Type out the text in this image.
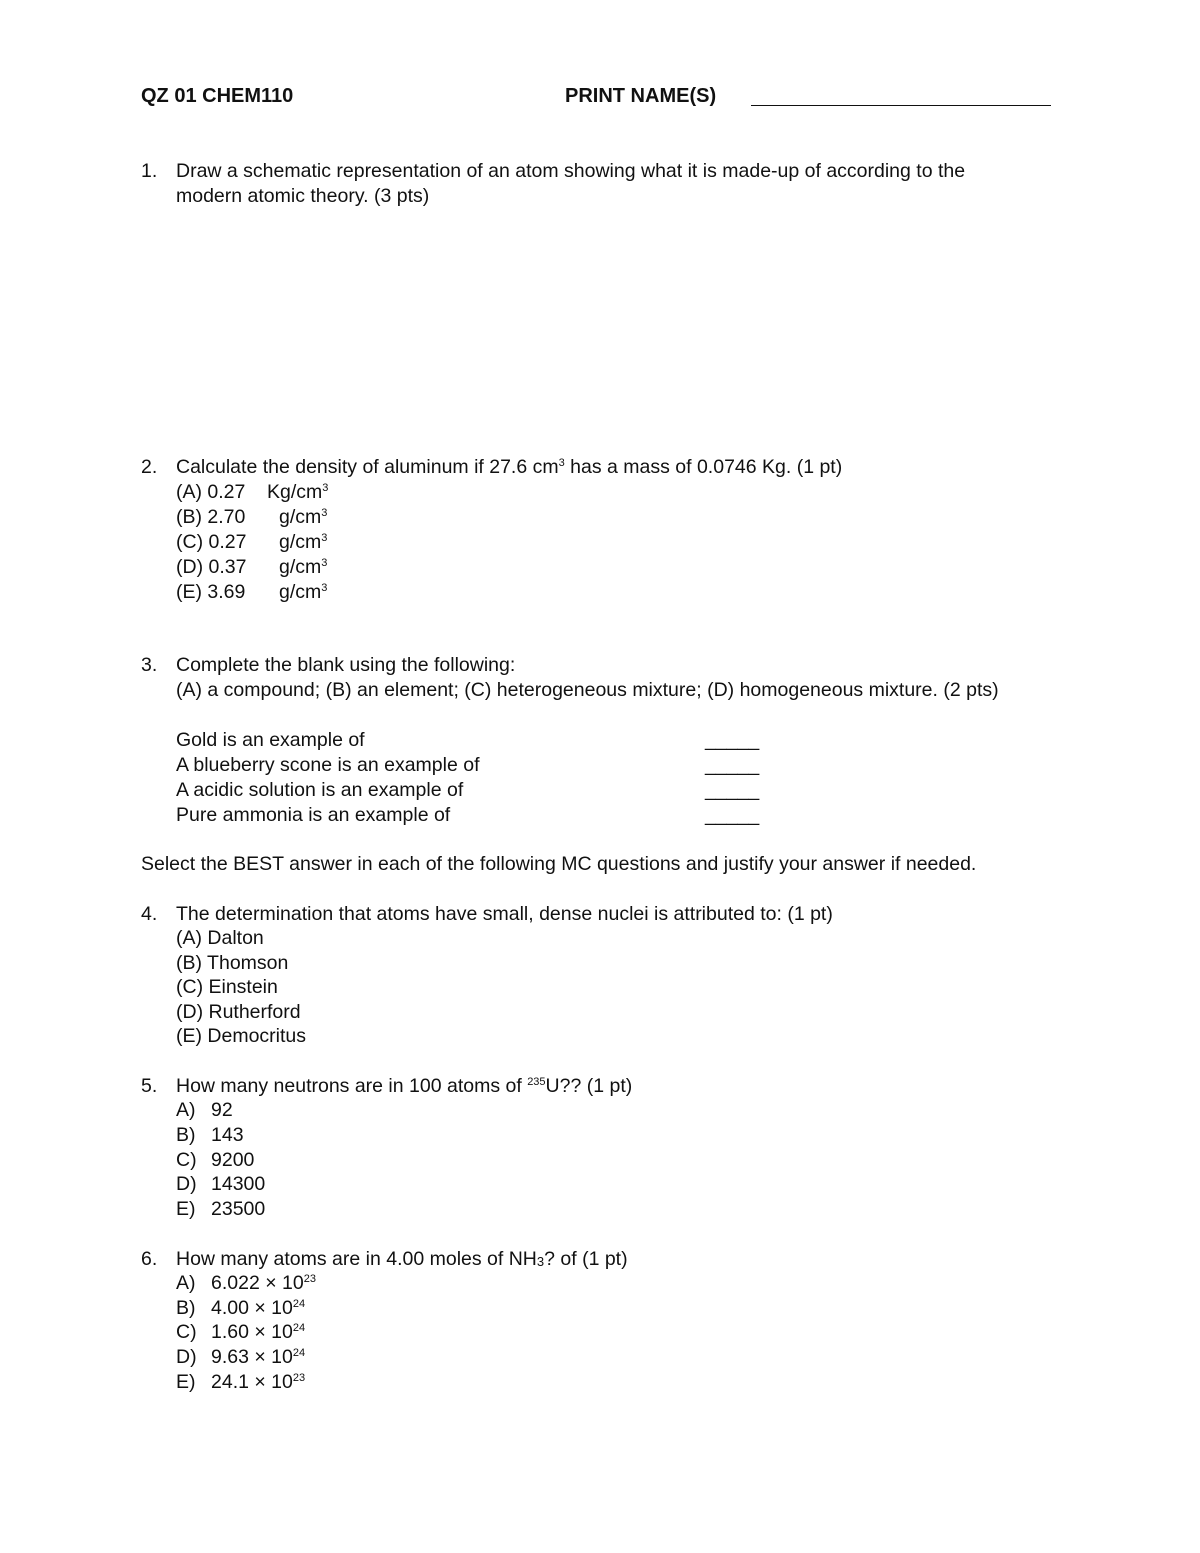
QZ 01 CHEM110	PRINT NAME(S)
1. Draw a schematic representation of an atom showing what it is made-up of according to the
modern atomic theory. (3 pts)
2. Calculate the density of aluminum if 27.6 $cm^3$ has a mass of 0.0746 Kg. (1 pt)
(A) 0.27 $Kg/cm^3$
(B) 2.70 $g/cm^3$
(C) 0.27 $g/cm^3$
(D) 0.37 $g/cm^3$
(E) 3.69 $g/cm^3$
3. Complete the blank using the following:
(A) a compound; (B) an element; (C) heterogeneous mixture; (D) homogeneous mixture. (2 pts)
Gold is an example of	_____
A blueberry scone is an example of	_____
A acidic solution is an example of	_____
Pure ammonia is an example of	_____
Select the BEST answer in each of the following MC questions and justify your answer if needed.
4. The determination that atoms have small, dense nuclei is attributed to: (1 pt)
(A) Dalton
(B) Thomson
(C) Einstein
(D) Rutherford
(E) Democritus
5. How many neutrons are in 100 atoms of $^{235}$U?? (1 pt)
A) 92
B) 143
C) 9200
D) 14300
E) 23500
6. How many atoms are in 4.00 moles of $NH_3$? of (1 pt)
A) $6.022 \times 10^{23}$
B) $4.00 \times 10^{24}$
C) $1.60 \times 10^{24}$
D) $9.63 \times 10^{24}$
E) $24.1 \times 10^{23}$
